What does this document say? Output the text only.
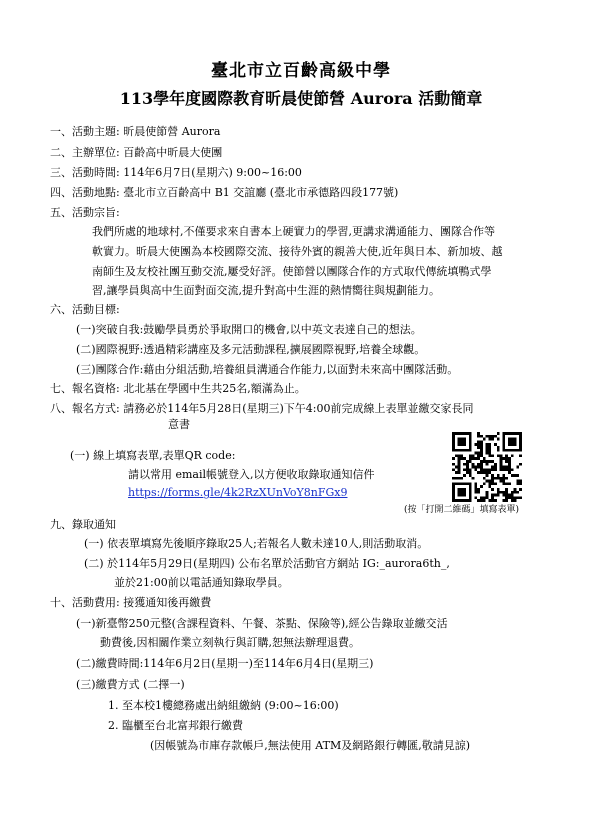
臺北市立百齡高級中學
113學年度國際教育昕晨使節營 Aurora 活動簡章
一、活動主題: 昕晨使節營 Aurora
二、主辦單位: 百齡高中昕晨大使團
三、活動時間: 114年6月7日(星期六) 9:00~16:00
四、活動地點: 臺北市立百齡高中 B1 交誼廳 (臺北市承德路四段177號)
五、活動宗旨:
我們所處的地球村,不僅要求來自書本上硬實力的學習,更講求溝通能力、團隊合作等
軟實力。昕晨大使團為本校國際交流、接待外賓的親善大使,近年與日本、新加坡、越
南師生及友校社團互動交流,屢受好評。使節營以團隊合作的方式取代傳統填鴨式學
習,讓學員與高中生面對面交流,提升對高中生涯的熱情嚮往與規劃能力。
六、活動目標:
(一)突破自我:鼓勵學員勇於爭取開口的機會,以中英文表達自己的想法。
(二)國際視野:透過精彩講座及多元活動課程,擴展國際視野,培養全球觀。
(三)團隊合作:藉由分組活動,培養組員溝通合作能力,以面對未來高中團隊活動。
七、報名資格: 北北基在學國中生共25名,額滿為止。
八、報名方式: 請務必於114年5月28日(星期三)下午4:00前完成線上表單並繳交家長同
意書
(一) 線上填寫表單,表單QR code:
請以常用 email帳號登入,以方便收取錄取通知信件
https://forms.gle/4k2RzXUnVoY8nFGx9
(按「打開二維碼」填寫表單)
九、錄取通知
(一) 依表單填寫先後順序錄取25人;若報名人數未達10人,則活動取消。
(二) 於114年5月29日(星期四) 公布名單於活動官方網站 IG:_aurora6th_,
並於21:00前以電話通知錄取學員。
十、活動費用: 接獲通知後再繳費
(一)新臺幣250元整(含課程資料、午餐、茶點、保險等),經公告錄取並繳交活
動費後,因相關作業立刻執行與訂購,恕無法辦理退費。
(二)繳費時間:114年6月2日(星期一)至114年6月4日(星期三)
(三)繳費方式 (二擇一)
1. 至本校1樓總務處出納組繳納 (9:00~16:00)
2. 臨櫃至台北富邦銀行繳費
(因帳號為市庫存款帳戶,無法使用 ATM及網路銀行轉匯,敬請見諒)
